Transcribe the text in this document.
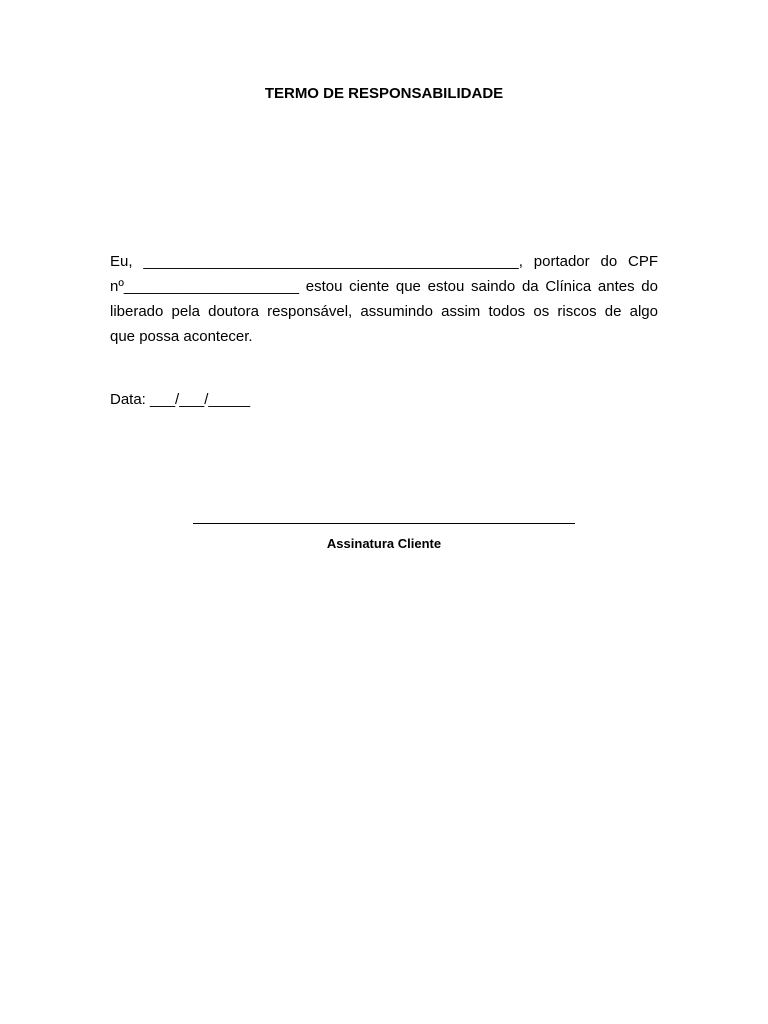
TERMO DE RESPONSABILIDADE
Eu, _____________________________________________, portador do CPF
nº_____________________ estou ciente que estou saindo da Clínica antes do
liberado pela doutora responsável, assumindo assim todos os riscos de algo
que possa acontecer.
Data: ___/___/_____
Assinatura Cliente
